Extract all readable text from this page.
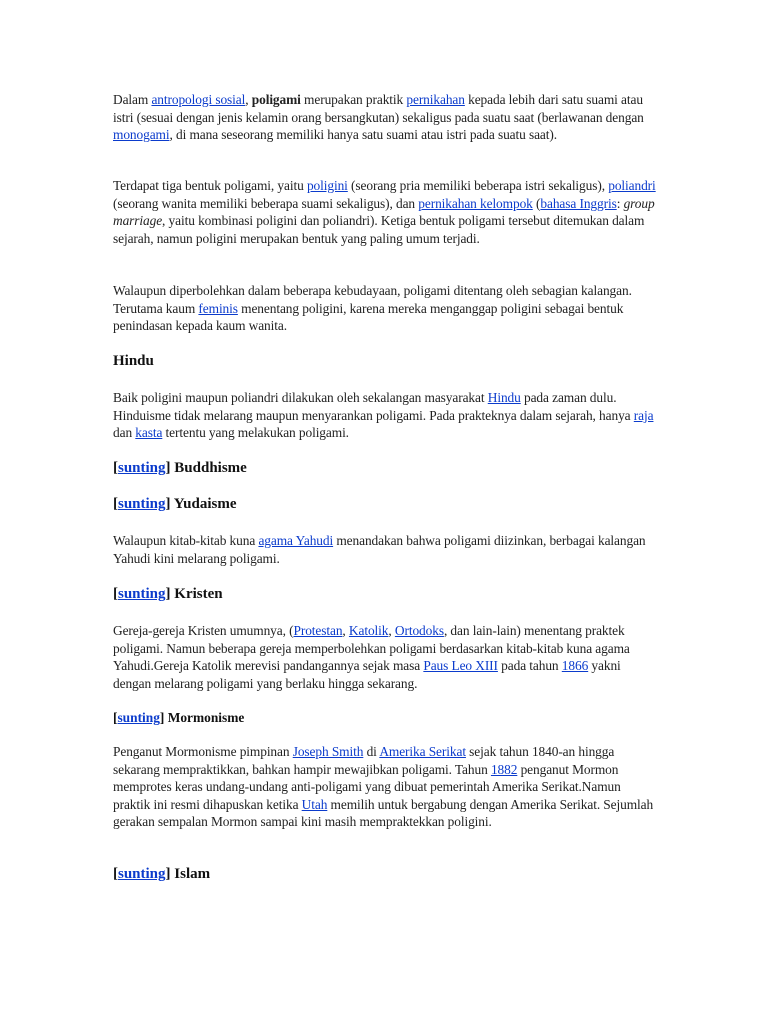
Dalam antropologi sosial, poligami merupakan praktik pernikahan kepada lebih dari satu suami atau istri (sesuai dengan jenis kelamin orang bersangkutan) sekaligus pada suatu saat (berlawanan dengan monogami, di mana seseorang memiliki hanya satu suami atau istri pada suatu saat).

Terdapat tiga bentuk poligami, yaitu poligini (seorang pria memiliki beberapa istri sekaligus), poliandri (seorang wanita memiliki beberapa suami sekaligus), dan pernikahan kelompok (bahasa Inggris: group marriage, yaitu kombinasi poligini dan poliandri). Ketiga bentuk poligami tersebut ditemukan dalam sejarah, namun poligini merupakan bentuk yang paling umum terjadi.

Walaupun diperbolehkan dalam beberapa kebudayaan, poligami ditentang oleh sebagian kalangan. Terutama kaum feminis menentang poligini, karena mereka menganggap poligini sebagai bentuk penindasan kepada kaum wanita.

Hindu

Baik poligini maupun poliandri dilakukan oleh sekalangan masyarakat Hindu pada zaman dulu. Hinduisme tidak melarang maupun menyarankan poligami. Pada prakteknya dalam sejarah, hanya raja dan kasta tertentu yang melakukan poligami.

[sunting] Buddhisme
[sunting] Yudaisme

Walaupun kitab-kitab kuna agama Yahudi menandakan bahwa poligami diizinkan, berbagai kalangan Yahudi kini melarang poligami.

[sunting] Kristen

Gereja-gereja Kristen umumnya, (Protestan, Katolik, Ortodoks, dan lain-lain) menentang praktek poligami. Namun beberapa gereja memperbolehkan poligami berdasarkan kitab-kitab kuna agama Yahudi.Gereja Katolik merevisi pandangannya sejak masa Paus Leo XIII pada tahun 1866 yakni dengan melarang poligami yang berlaku hingga sekarang.

[sunting] Mormonisme

Penganut Mormonisme pimpinan Joseph Smith di Amerika Serikat sejak tahun 1840-an hingga sekarang mempraktikkan, bahkan hampir mewajibkan poligami. Tahun 1882 penganut Mormon memprotes keras undang-undang anti-poligami yang dibuat pemerintah Amerika Serikat.Namun praktik ini resmi dihapuskan ketika Utah memilih untuk bergabung dengan Amerika Serikat. Sejumlah gerakan sempalan Mormon sampai kini masih mempraktekkan poligini.

[sunting] Islam
